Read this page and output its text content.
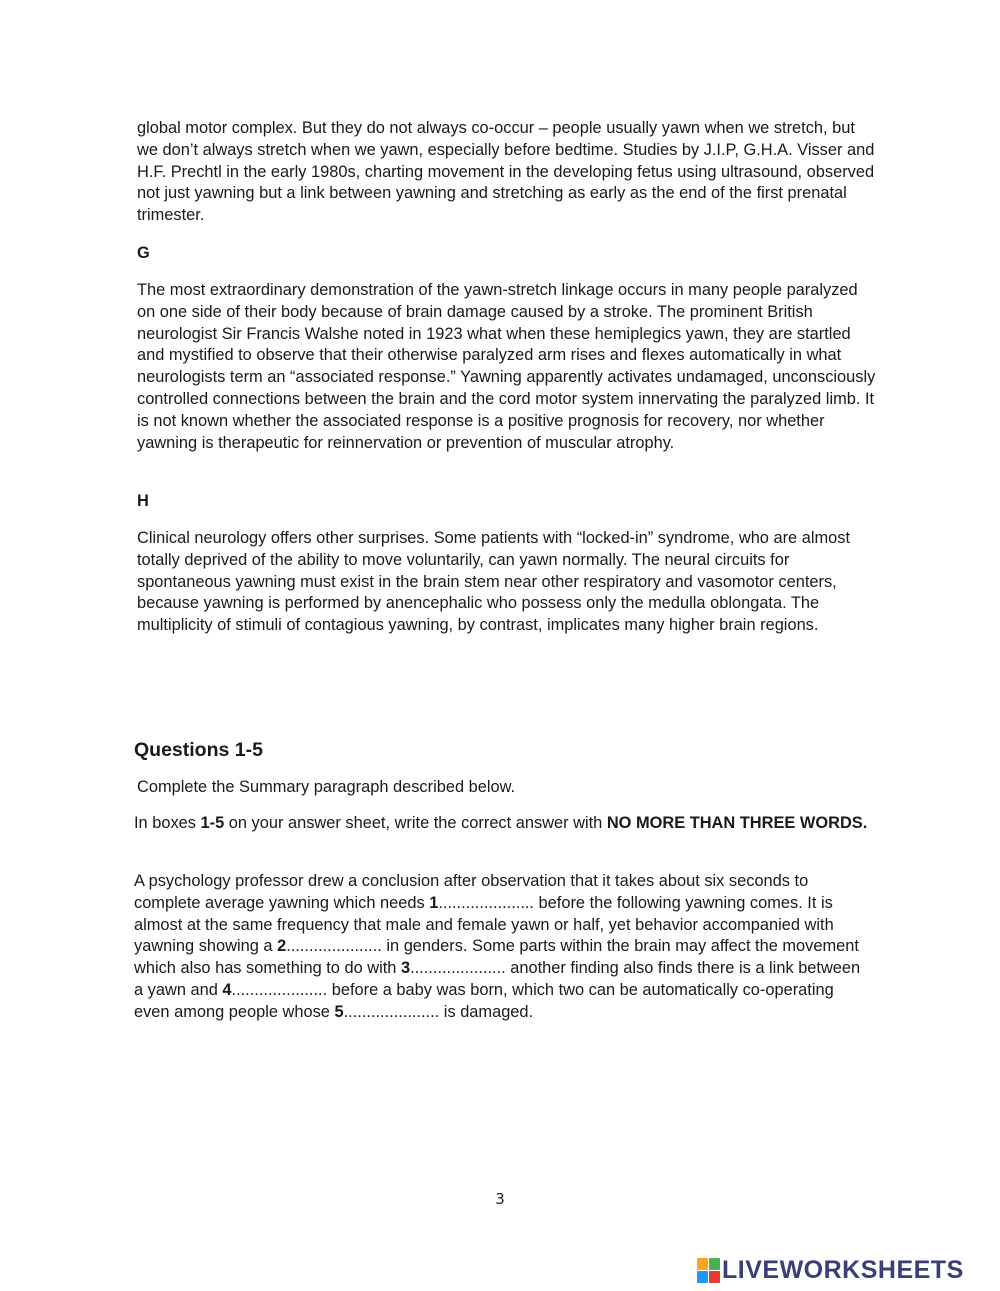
global motor complex. But they do not always co-occur – people usually yawn when we stretch, but we don’t always stretch when we yawn, especially before bedtime. Studies by J.I.P, G.H.A. Visser and H.F. Prechtl in the early 1980s, charting movement in the developing fetus using ultrasound, observed not just yawning but a link between yawning and stretching as early as the end of the first prenatal trimester.

G

The most extraordinary demonstration of the yawn-stretch linkage occurs in many people paralyzed on one side of their body because of brain damage caused by a stroke. The prominent British neurologist Sir Francis Walshe noted in 1923 what when these hemiplegics yawn, they are startled and mystified to observe that their otherwise paralyzed arm rises and flexes automatically in what neurologists term an “associated response.” Yawning apparently activates undamaged, unconsciously controlled connections between the brain and the cord motor system innervating the paralyzed limb. It is not known whether the associated response is a positive prognosis for recovery, nor whether yawning is therapeutic for reinnervation or prevention of muscular atrophy.

H

Clinical neurology offers other surprises. Some patients with “locked-in” syndrome, who are almost totally deprived of the ability to move voluntarily, can yawn normally. The neural circuits for spontaneous yawning must exist in the brain stem near other respiratory and vasomotor centers, because yawning is performed by anencephalic who possess only the medulla oblongata. The multiplicity of stimuli of contagious yawning, by contrast, implicates many higher brain regions.

Questions 1-5

Complete the Summary paragraph described below.

In boxes 1-5 on your answer sheet, write the correct answer with NO MORE THAN THREE WORDS.

A psychology professor drew a conclusion after observation that it takes about six seconds to complete average yawning which needs 1..................... before the following yawning comes. It is almost at the same frequency that male and female yawn or half, yet behavior accompanied with yawning showing a 2..................... in genders. Some parts within the brain may affect the movement which also has something to do with 3..................... another finding also finds there is a link between a yawn and 4..................... before a baby was born, which two can be automatically co-operating even among people whose 5..................... is damaged.

3
LIVEWORKSHEETS
